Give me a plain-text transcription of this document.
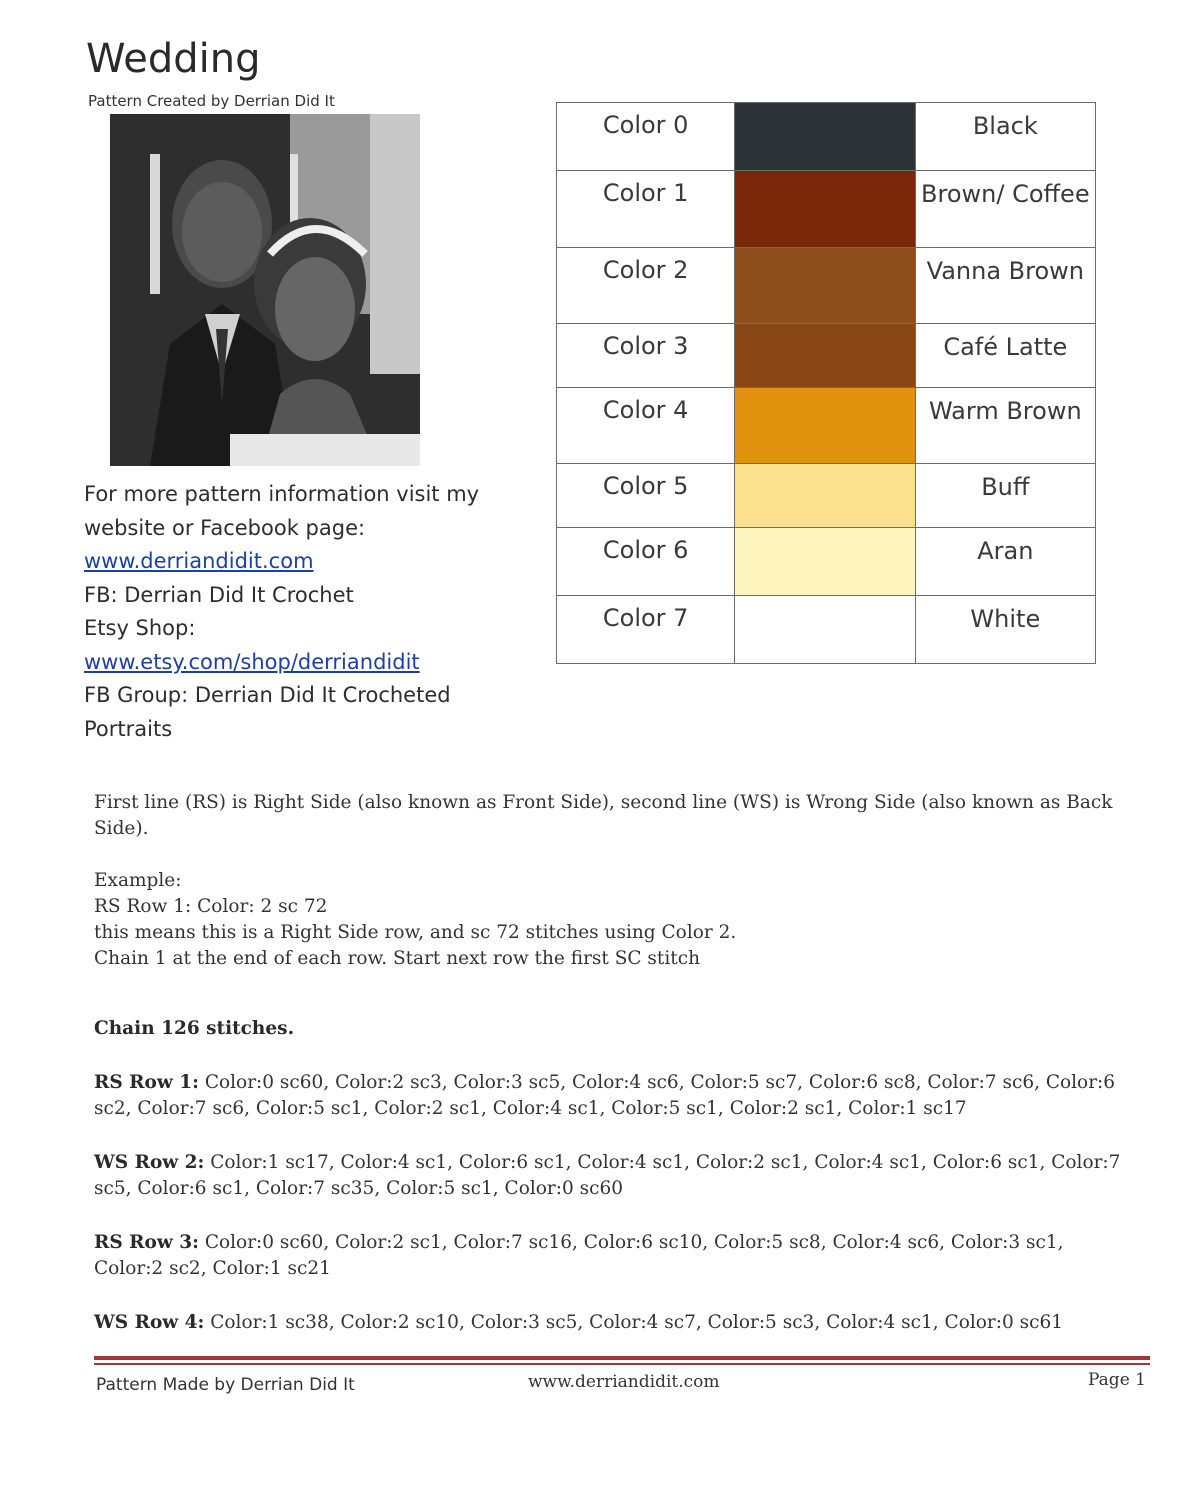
Wedding
Pattern Created by Derrian Did It
For more pattern information visit my
website or Facebook page:
www.derriandidit.com
FB: Derrian Did It Crochet
Etsy Shop:
www.etsy.com/shop/derriandidit
FB Group: Derrian Did It Crocheted
Portraits
Color 0		Black
Color 1		Brown/ Coffee
Color 2		Vanna Brown
Color 3		Café Latte
Color 4		Warm Brown
Color 5		Buff
Color 6		Aran
Color 7		White

First line (RS) is Right Side (also known as Front Side), second line (WS) is Wrong Side (also known as Back Side).

Example:

RS Row 1: Color: 2 sc 72

this means this is a Right Side row, and sc 72 stitches using Color 2.

Chain 1 at the end of each row. Start next row the first SC stitch

Chain 126 stitches.

RS Row 1: Color:0 sc60, Color:2 sc3, Color:3 sc5, Color:4 sc6, Color:5 sc7, Color:6 sc8, Color:7 sc6, Color:6 sc2, Color:7 sc6, Color:5 sc1, Color:2 sc1, Color:4 sc1, Color:5 sc1, Color:2 sc1, Color:1 sc17

WS Row 2: Color:1 sc17, Color:4 sc1, Color:6 sc1, Color:4 sc1, Color:2 sc1, Color:4 sc1, Color:6 sc1, Color:7 sc5, Color:6 sc1, Color:7 sc35, Color:5 sc1, Color:0 sc60

RS Row 3: Color:0 sc60, Color:2 sc1, Color:7 sc16, Color:6 sc10, Color:5 sc8, Color:4 sc6, Color:3 sc1, Color:2 sc2, Color:1 sc21

WS Row 4: Color:1 sc38, Color:2 sc10, Color:3 sc5, Color:4 sc7, Color:5 sc3, Color:4 sc1, Color:0 sc61

Pattern Made by Derrian Did It	www.derriandidit.com	Page 1
